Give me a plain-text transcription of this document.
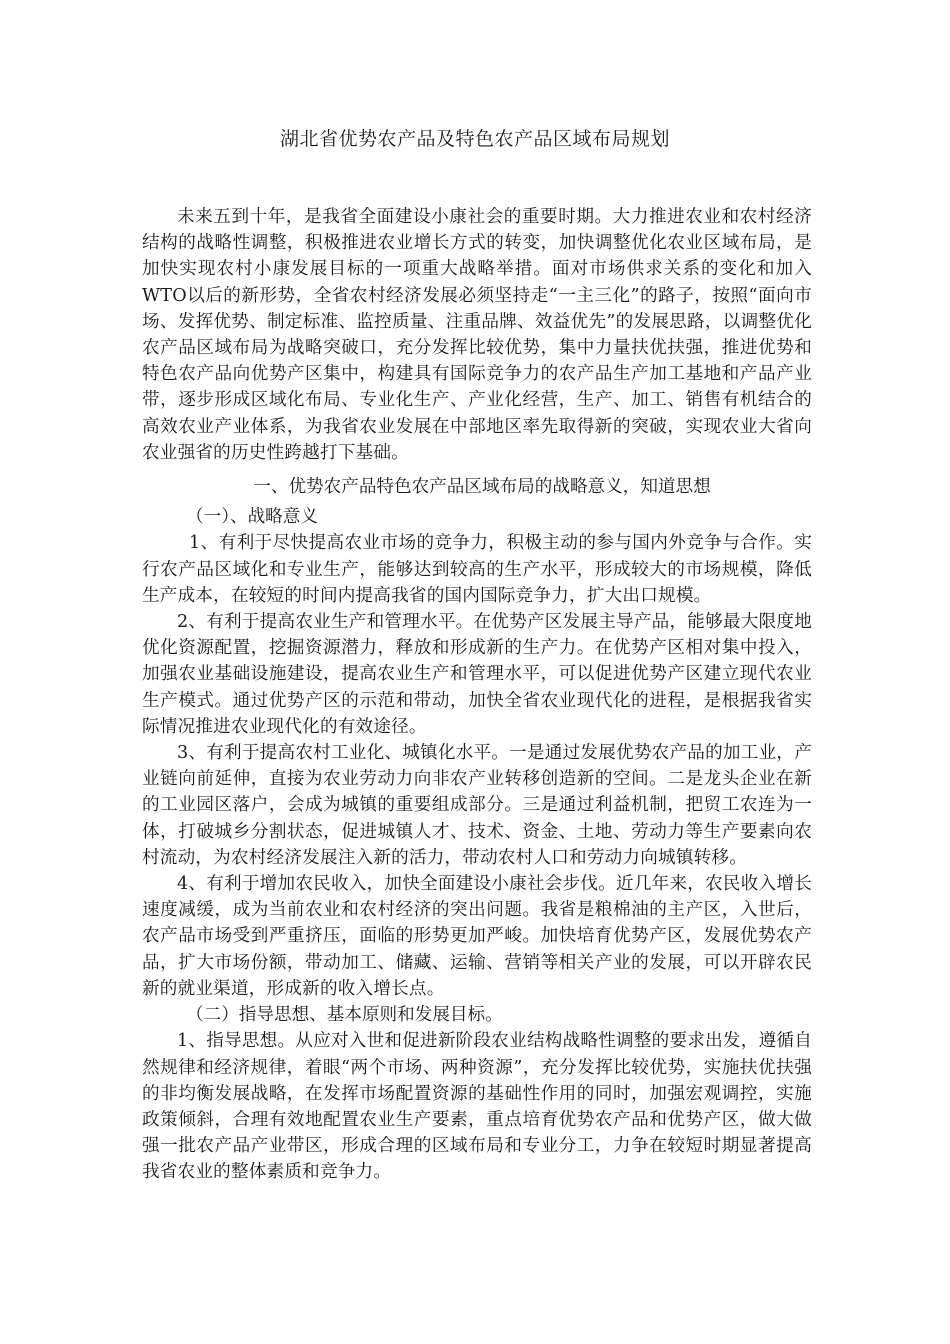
湖北省优势农产品及特色农产品区域布局规划

未来五到十年，是我省全面建设小康社会的重要时期。大力推进农业和农村经济结构的战略性调整，积极推进农业增长方式的转变，加快调整优化农业区域布局，是加快实现农村小康发展目标的一项重大战略举措。面对市场供求关系的变化和加入WTO以后的新形势，全省农村经济发展必须坚持走“一主三化”的路子，按照“面向市场、发挥优势、制定标准、监控质量、注重品牌、效益优先”的发展思路，以调整优化农产品区域布局为战略突破口，充分发挥比较优势，集中力量扶优扶强，推进优势和特色农产品向优势产区集中，构建具有国际竞争力的农产品生产加工基地和产品产业带，逐步形成区域化布局、专业化生产、产业化经营，生产、加工、销售有机结合的高效农业产业体系，为我省农业发展在中部地区率先取得新的突破，实现农业大省向农业强省的历史性跨越打下基础。

一、优势农产品特色农产品区域布局的战略意义，知道思想

（一）、战略意义

1、有利于尽快提高农业市场的竞争力，积极主动的参与国内外竞争与合作。实行农产品区域化和专业生产，能够达到较高的生产水平，形成较大的市场规模，降低生产成本，在较短的时间内提高我省的国内国际竞争力，扩大出口规模。

2、有利于提高农业生产和管理水平。在优势产区发展主导产品，能够最大限度地优化资源配置，挖掘资源潜力，释放和形成新的生产力。在优势产区相对集中投入，加强农业基础设施建设，提高农业生产和管理水平，可以促进优势产区建立现代农业生产模式。通过优势产区的示范和带动，加快全省农业现代化的进程，是根据我省实际情况推进农业现代化的有效途径。

3、有利于提高农村工业化、城镇化水平。一是通过发展优势农产品的加工业，产业链向前延伸，直接为农业劳动力向非农产业转移创造新的空间。二是龙头企业在新的工业园区落户，会成为城镇的重要组成部分。三是通过利益机制，把贸工农连为一体，打破城乡分割状态，促进城镇人才、技术、资金、土地、劳动力等生产要素向农村流动，为农村经济发展注入新的活力，带动农村人口和劳动力向城镇转移。

4、有利于增加农民收入，加快全面建设小康社会步伐。近几年来，农民收入增长速度减缓，成为当前农业和农村经济的突出问题。我省是粮棉油的主产区，入世后，农产品市场受到严重挤压，面临的形势更加严峻。加快培育优势产区，发展优势农产品，扩大市场份额，带动加工、储藏、运输、营销等相关产业的发展，可以开辟农民新的就业渠道，形成新的收入增长点。

（二）指导思想、基本原则和发展目标。

1、指导思想。从应对入世和促进新阶段农业结构战略性调整的要求出发，遵循自然规律和经济规律，着眼“两个市场、两种资源”，充分发挥比较优势，实施扶优扶强的非均衡发展战略，在发挥市场配置资源的基础性作用的同时，加强宏观调控，实施政策倾斜，合理有效地配置农业生产要素，重点培育优势农产品和优势产区，做大做强一批农产品产业带区，形成合理的区域布局和专业分工，力争在较短时期显著提高我省农业的整体素质和竞争力。
